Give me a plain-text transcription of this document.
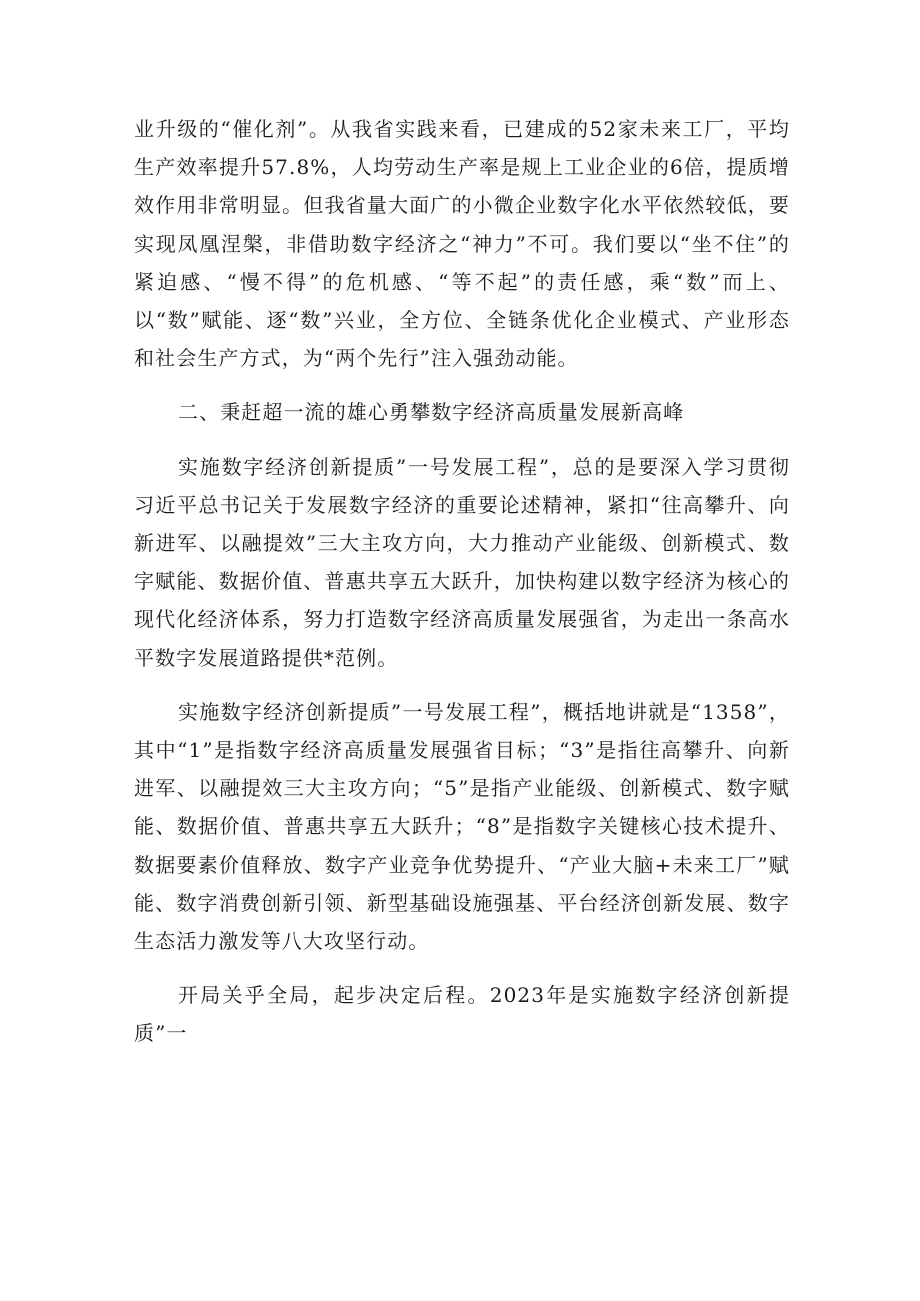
业升级的“催化剂”。从我省实践来看，已建成的52家未来工厂，平均生产效率提升57.8%，人均劳动生产率是规上工业企业的6倍，提质增效作用非常明显。但我省量大面广的小微企业数字化水平依然较低，要实现凤凰涅槃，非借助数字经济之“神力”不可。我们要以“坐不住”的紧迫感、“慢不得”的危机感、“等不起”的责任感，乘“数”而上、以“数”赋能、逐“数”兴业，全方位、全链条优化企业模式、产业形态和社会生产方式，为“两个先行”注入强劲动能。

二、秉赶超一流的雄心勇攀数字经济高质量发展新高峰

实施数字经济创新提质”一号发展工程”，总的是要深入学习贯彻习近平总书记关于发展数字经济的重要论述精神，紧扣“往高攀升、向新进军、以融提效”三大主攻方向，大力推动产业能级、创新模式、数字赋能、数据价值、普惠共享五大跃升，加快构建以数字经济为核心的现代化经济体系，努力打造数字经济高质量发展强省，为走出一条高水平数字发展道路提供*范例。

实施数字经济创新提质”一号发展工程”，概括地讲就是“1358”，其中“1”是指数字经济高质量发展强省目标；“3”是指往高攀升、向新进军、以融提效三大主攻方向；“5”是指产业能级、创新模式、数字赋能、数据价值、普惠共享五大跃升；“8”是指数字关键核心技术提升、数据要素价值释放、数字产业竞争优势提升、“产业大脑+未来工厂”赋能、数字消费创新引领、新型基础设施强基、平台经济创新发展、数字生态活力激发等八大攻坚行动。

开局关乎全局，起步决定后程。2023年是实施数字经济创新提质”一
